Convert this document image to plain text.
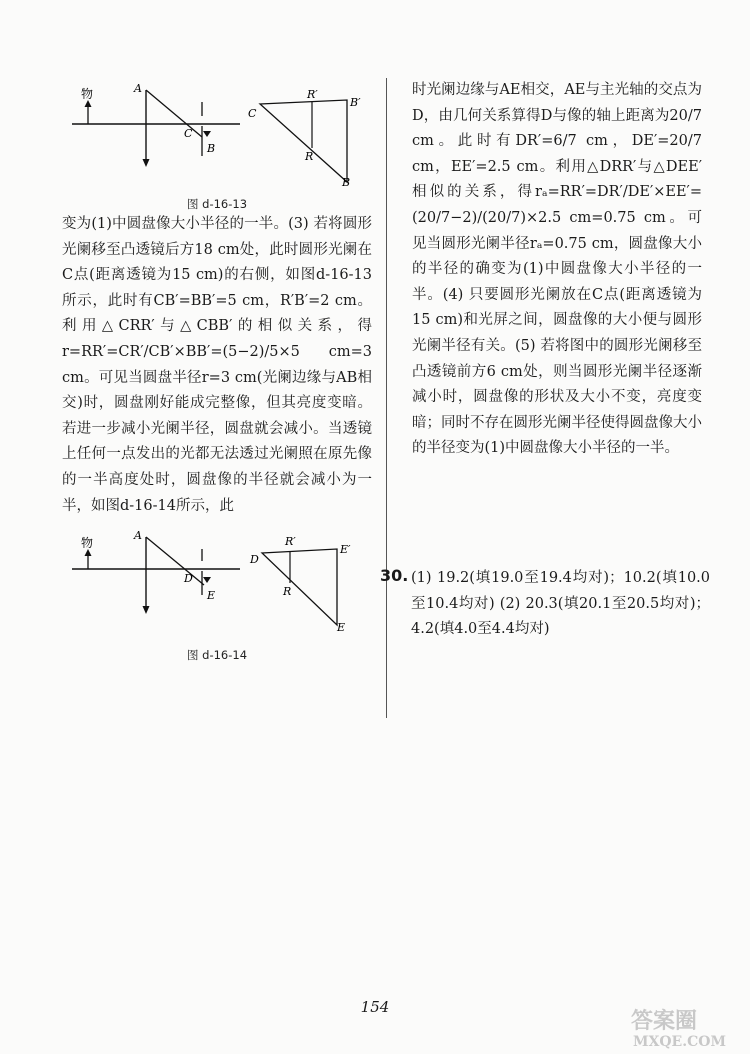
物	A
C
B
C
R′
B′
R
B
图 d-16-13

变为(1)中圆盘像大小半径的一半。(3) 若将圆形光阑移至凸透镜后方18 cm处，此时圆形光阑在C点(距离透镜为15 cm)的右侧，如图d-16-13所示，此时有CB′=BB′=5 cm，R′B′=2 cm。利用△CRR′与△CBB′的相似关系，得r=RR′=CR′/CB′×BB′=(5−2)/5×5 cm=3 cm。可见当圆盘半径r=3 cm(光阑边缘与AB相交)时，圆盘刚好能成完整像，但其亮度变暗。若进一步减小光阑半径，圆盘就会减小。当透镜上任何一点发出的光都无法透过光阑照在原先像的一半高度处时，圆盘像的半径就会减小为一半，如图d-16-14所示，此

物
A
D
E
D
R′
E′
R
E
图 d-16-14

时光阑边缘与AE相交，AE与主光轴的交点为D，由几何关系算得D与像的轴上距离为20/7 cm。此时有DR′=6/7 cm，DE′=20/7 cm，EE′=2.5 cm。利用△DRR′与△DEE′相似的关系，得rₐ=RR′=DR′/DE′×EE′=(20/7−2)/(20/7)×2.5 cm=0.75 cm。可见当圆形光阑半径rₐ=0.75 cm，圆盘像大小的半径的确变为(1)中圆盘像大小半径的一半。(4) 只要圆形光阑放在C点(距离透镜为15 cm)和光屏之间，圆盘像的大小便与圆形光阑半径有关。(5) 若将图中的圆形光阑移至凸透镜前方6 cm处，则当圆形光阑半径逐渐减小时，圆盘像的形状及大小不变，亮度变暗；同时不存在圆形光阑半径使得圆盘像大小的半径变为(1)中圆盘像大小半径的一半。

30. (1) 19.2(填19.0至19.4均对)；10.2(填10.0至10.4均对) (2) 20.3(填20.1至20.5均对)；4.2(填4.0至4.4均对)

154
答案圈
MXQE.COM
